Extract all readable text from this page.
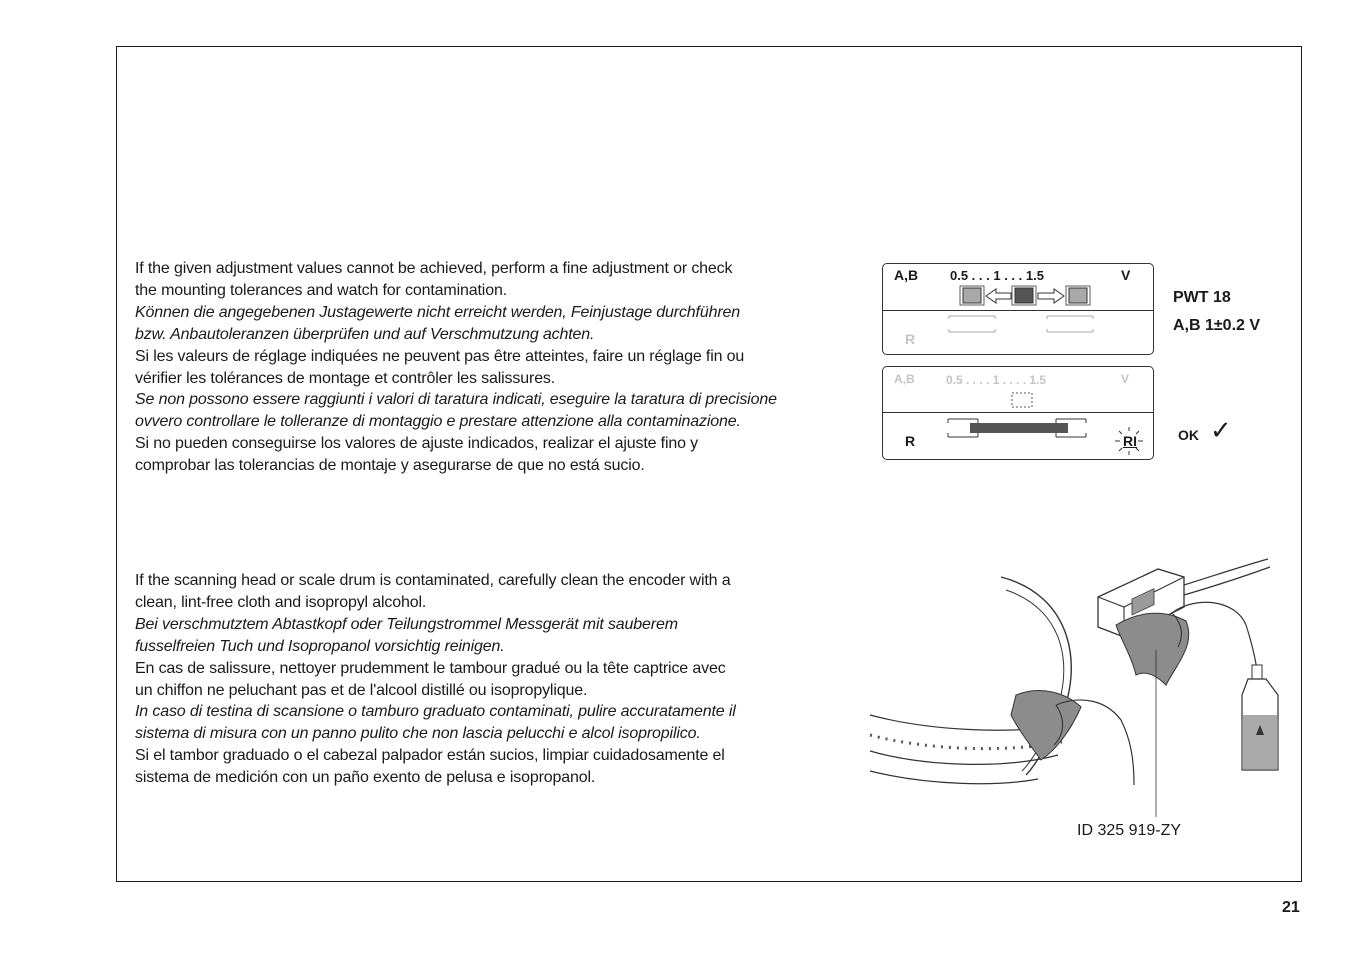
If the given adjustment values cannot be achieved, perform a fine adjustment or check
the mounting tolerances and watch for contamination.
Können die angegebenen Justagewerte nicht erreicht werden, Feinjustage durchführen
bzw. Anbautoleranzen überprüfen und auf Verschmutzung achten.
Si les valeurs de réglage indiquées ne peuvent pas être atteintes, faire un réglage fin ou
vérifier les tolérances de montage et contrôler les salissures.
Se non possono essere raggiunti i valori di taratura indicati, eseguire la taratura di precisione
ovvero controllare le tolleranze di montaggio e prestare attenzione alla contaminazione.
Si no pueden conseguirse los valores de ajuste indicados, realizar el ajuste fino y
comprobar las tolerancias de montaje y asegurarse de que no está sucio.
If the scanning head or scale drum is contaminated, carefully clean the encoder with a
clean, lint-free cloth and isopropyl alcohol.
Bei verschmutztem Abtastkopf oder Teilungstrommel Messgerät mit sauberem
fusselfreien Tuch und Isopropanol vorsichtig reinigen.
En cas de salissure, nettoyer prudemment le tambour gradué ou la tête captrice avec
un chiffon ne peluchant pas et de l'alcool distillé ou isopropylique.
In caso di testina di scansione o tamburo graduato contaminati, pulire accuratamente il
sistema di misura con un panno pulito che non lascia pelucchi e alcol isopropilico.
Si el tambor graduado o el cabezal palpador están sucios, limpiar cuidadosamente el
sistema de medición con un paño exento de pelusa e isopropanol.
A,B 0.5 . . . 1 . . . 1.5	V
R
A,B	0.5 . . . . 1 . . . . 1.5	V
R	RI
PWT 18
A,B 1±0.2 V
OK ✓
ID 325 919-ZY
21
